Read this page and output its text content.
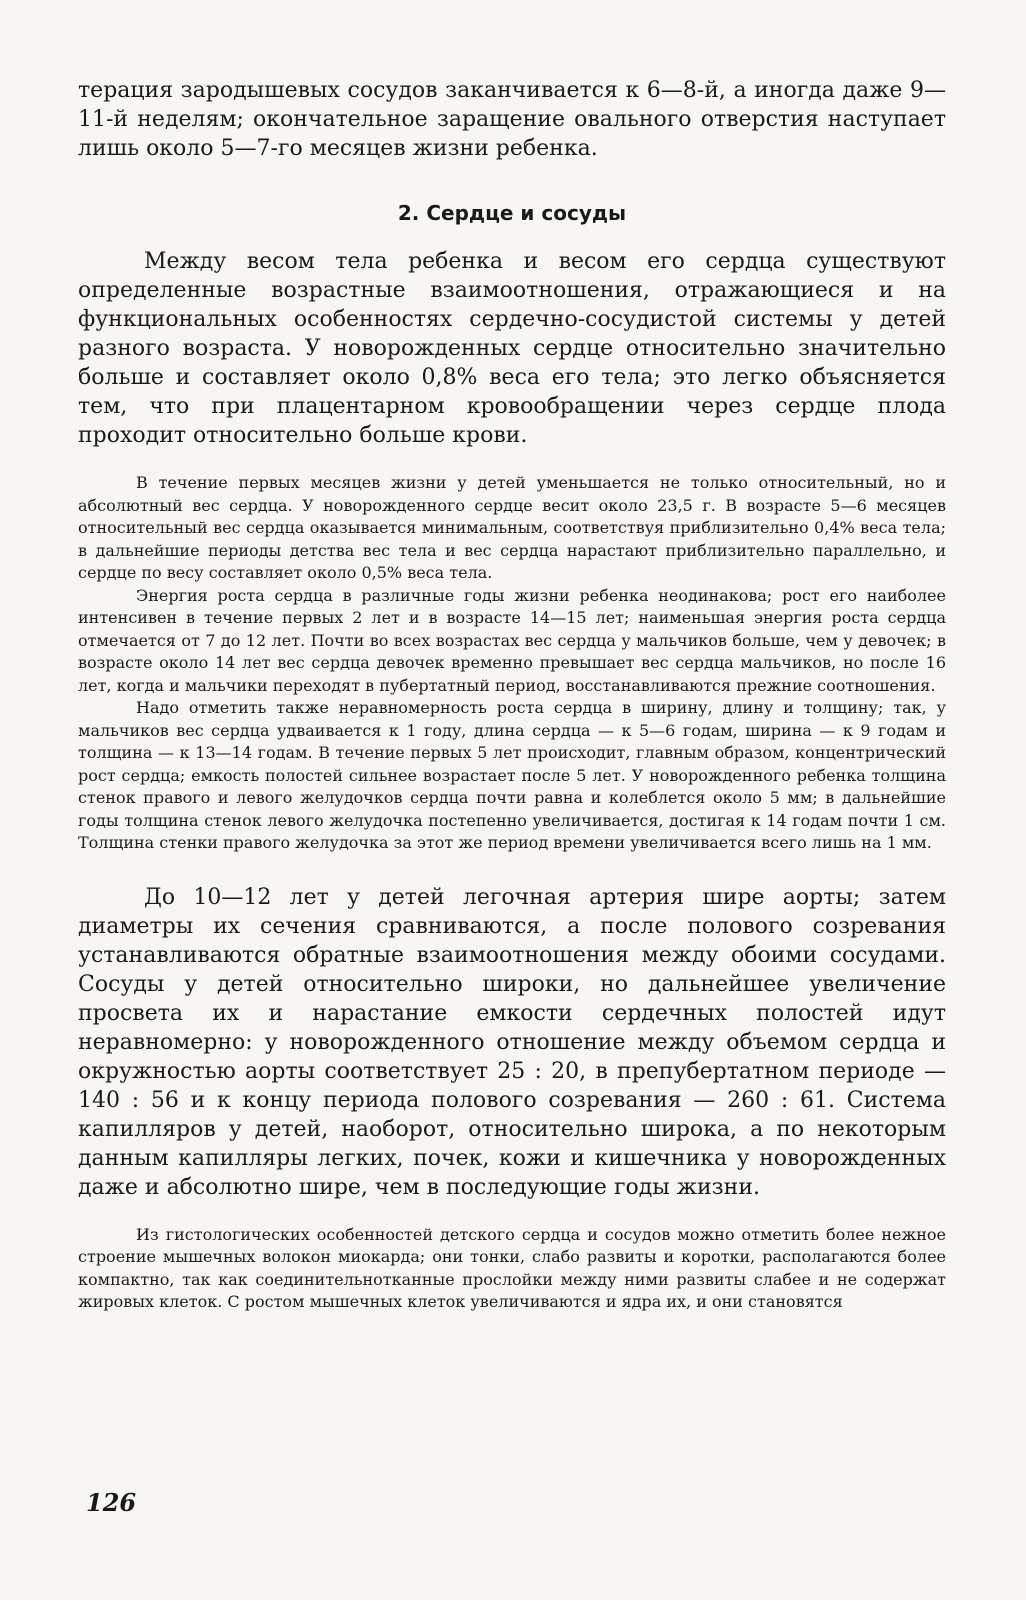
терация зародышевых сосудов заканчивается к 6—8-й, а иногда даже 9—11-й неделям; окончательное заращение овального отверстия наступает лишь около 5—7-го месяцев жизни ребенка.

2. Сердце и сосуды

Между весом тела ребенка и весом его сердца существуют определенные возрастные взаимоотношения, отражающиеся и на функциональных особенностях сердечно-сосудистой системы у детей разного возраста. У новорожденных сердце относительно значительно больше и составляет около 0,8% веса его тела; это легко объясняется тем, что при плацентарном кровообращении через сердце плода проходит относительно больше крови.

В течение первых месяцев жизни у детей уменьшается не только относительный, но и абсолютный вес сердца. У новорожденного сердце весит около 23,5 г. В возрасте 5—6 месяцев относительный вес сердца оказывается минимальным, соответствуя приблизительно 0,4% веса тела; в дальнейшие периоды детства вес тела и вес сердца нарастают приблизительно параллельно, и сердце по весу составляет около 0,5% веса тела.

Энергия роста сердца в различные годы жизни ребенка неодинакова; рост его наиболее интенсивен в течение первых 2 лет и в возрасте 14—15 лет; наименьшая энергия роста сердца отмечается от 7 до 12 лет. Почти во всех возрастах вес сердца у мальчиков больше, чем у девочек; в возрасте около 14 лет вес сердца девочек временно превышает вес сердца мальчиков, но после 16 лет, когда и мальчики переходят в пубертатный период, восстанавливаются прежние соотношения.

Надо отметить также неравномерность роста сердца в ширину, длину и толщину; так, у мальчиков вес сердца удваивается к 1 году, длина сердца — к 5—6 годам, ширина — к 9 годам и толщина — к 13—14 годам. В течение первых 5 лет происходит, главным образом, концентрический рост сердца; емкость полостей сильнее возрастает после 5 лет. У новорожденного ребенка толщина стенок правого и левого желудочков сердца почти равна и колеблется около 5 мм; в дальнейшие годы толщина стенок левого желудочка постепенно увеличивается, достигая к 14 годам почти 1 см. Толщина стенки правого желудочка за этот же период времени увеличивается всего лишь на 1 мм.

До 10—12 лет у детей легочная артерия шире аорты; затем диаметры их сечения сравниваются, а после полового созревания устанавливаются обратные взаимоотношения между обоими сосудами. Сосуды у детей относительно широки, но дальнейшее увеличение просвета их и нарастание емкости сердечных полостей идут неравномерно: у новорожденного отношение между объемом сердца и окружностью аорты соответствует 25 : 20, в препубертатном периоде — 140 : 56 и к концу периода полового созревания — 260 : 61. Система капилляров у детей, наоборот, относительно широка, а по некоторым данным капилляры легких, почек, кожи и кишечника у новорожденных даже и абсолютно шире, чем в последующие годы жизни.

Из гистологических особенностей детского сердца и сосудов можно отметить более нежное строение мышечных волокон миокарда; они тонки, слабо развиты и коротки, располагаются более компактно, так как соединительнотканные прослойки между ними развиты слабее и не содержат жировых клеток. С ростом мышечных клеток увеличиваются и ядра их, и они становятся

126
